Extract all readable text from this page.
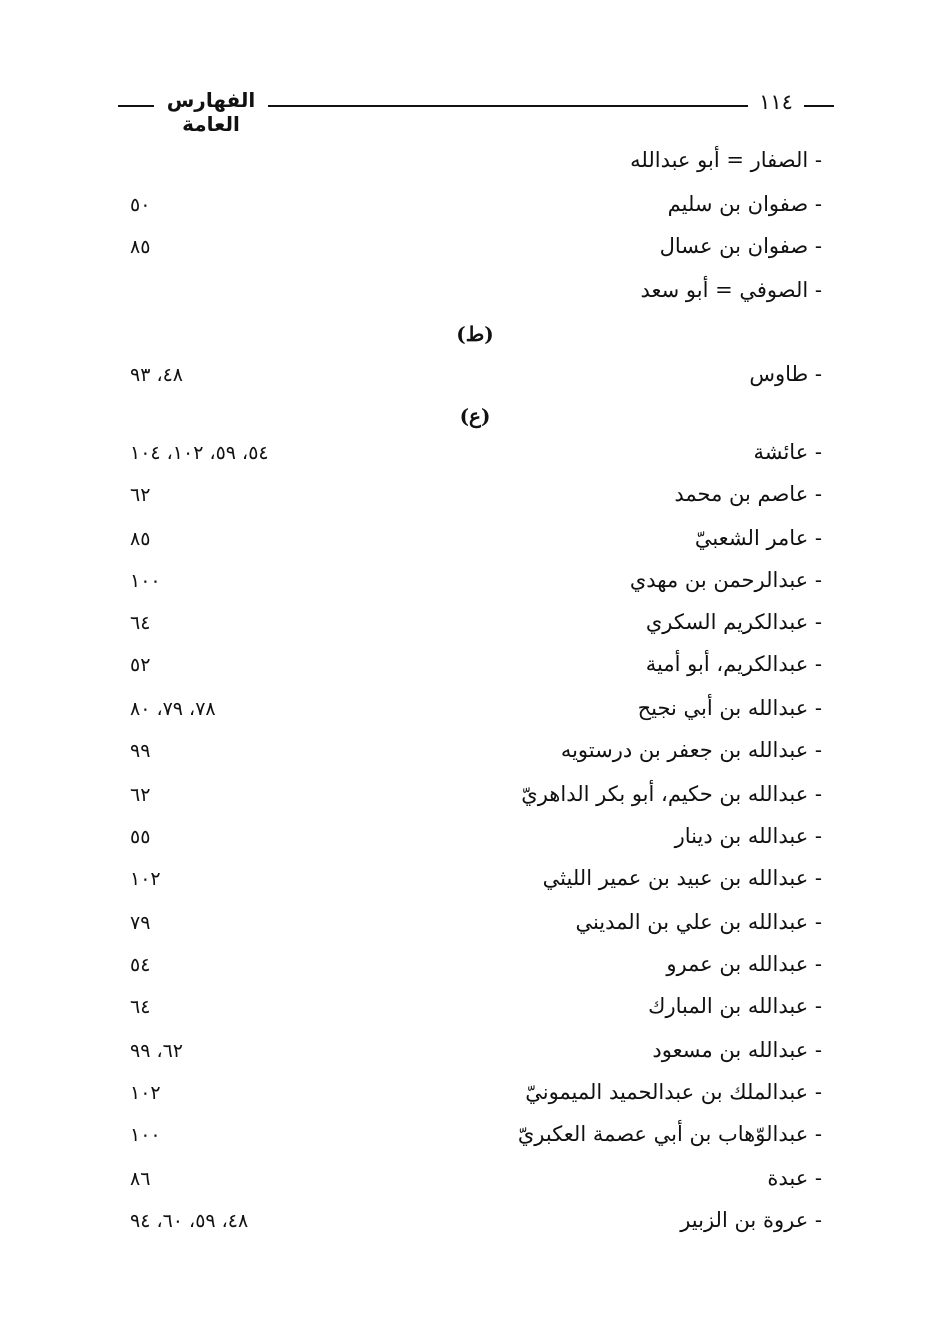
الفهارس العامة
١١٤
- الصفار = أبو عبدالله
- صفوان بن سليم
٥٠
- صفوان بن عسال
٨٥
- الصوفي = أبو سعد
(ط)
- طاوس
٤٨، ٩٣
(ع)
- عائشة
٥٤، ٥٩، ١٠٢، ١٠٤
- عاصم بن محمد
٦٢
- عامر الشعبيّ
٨٥
- عبدالرحمن بن مهدي
١٠٠
- عبدالكريم السكري
٦٤
- عبدالكريم، أبو أمية
٥٢
- عبدالله بن أبي نجيح
٧٨، ٧٩، ٨٠
- عبدالله بن جعفر بن درستويه
٩٩
- عبدالله بن حكيم، أبو بكر الداهريّ
٦٢
- عبدالله بن دينار
٥٥
- عبدالله بن عبيد بن عمير الليثي
١٠٢
- عبدالله بن علي بن المديني
٧٩
- عبدالله بن عمرو
٥٤
- عبدالله بن المبارك
٦٤
- عبدالله بن مسعود
٦٢، ٩٩
- عبدالملك بن عبدالحميد الميمونيّ
١٠٢
- عبدالوّهاب بن أبي عصمة العكبريّ
١٠٠
- عبدة
٨٦
- عروة بن الزبير
٤٨، ٥٩، ٦٠، ٩٤
